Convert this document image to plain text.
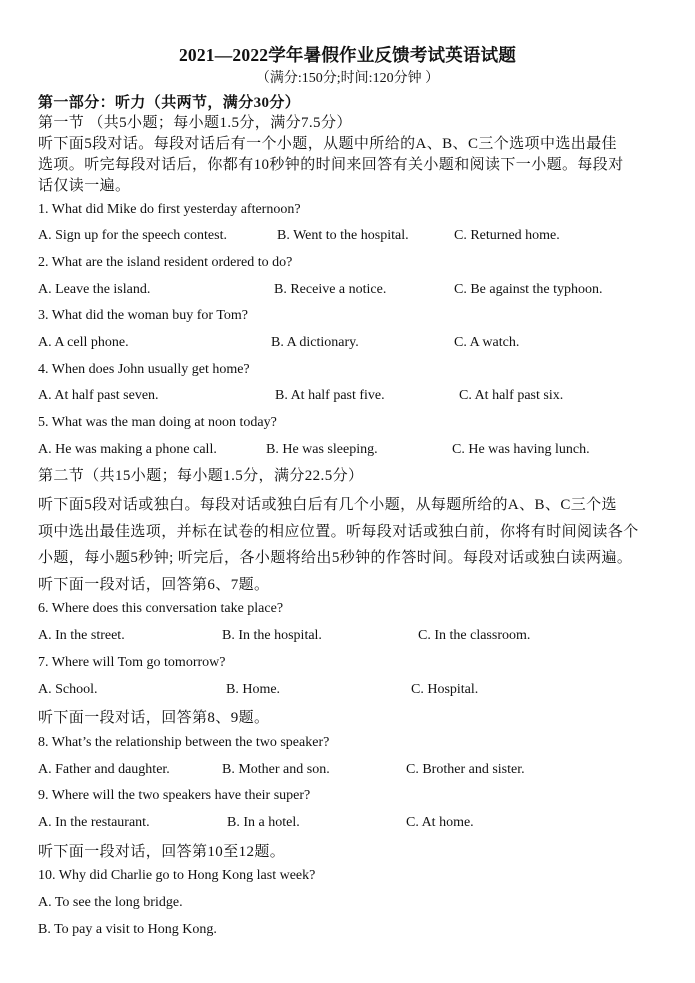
2021—2022学年暑假作业反馈考试英语试题
（满分:150分;时间:120分钟 ）
第一部分：听力（共两节，满分30分）
第一节 （共5小题；每小题1.5分，满分7.5分）
听下面5段对话。每段对话后有一个小题，从题中所给的A、B、C三个选项中选出最佳
选项。听完每段对话后，你都有10秒钟的时间来回答有关小题和阅读下一小题。每段对
话仅读一遍。
1. What did Mike do first yesterday afternoon?
A. Sign up for the speech contest.	B. Went to the hospital.	C. Returned home.
2. What are the island resident ordered to do?
A. Leave the island.	B. Receive a notice.	C. Be against the typhoon.
3. What did the woman buy for Tom?
A. A cell phone.	B. A dictionary.	C. A watch.
4. When does John usually get home?
A. At half past seven.	B. At half past five.	C. At half past six.
5. What was the man doing at noon today?
A. He was making a phone call.	B. He was sleeping.	C. He was having lunch.
第二节（共15小题；每小题1.5分，满分22.5分）
听下面5段对话或独白。每段对话或独白后有几个小题，从每题所给的A、B、C三个选
项中选出最佳选项，并标在试卷的相应位置。听每段对话或独白前，你将有时间阅读各个
小题，每小题5秒钟; 听完后，各小题将给出5秒钟的作答时间。每段对话或独白读两遍。
听下面一段对话，回答第6、7题。
6. Where does this conversation take place?
A. In the street.	B. In the hospital.	C. In the classroom.
7. Where will Tom go tomorrow?
A. School.	B. Home.	C. Hospital.
听下面一段对话，回答第8、9题。
8. What’s the relationship between the two speaker?
A. Father and daughter.	B. Mother and son.	C. Brother and sister.
9. Where will the two speakers have their super?
A. In the restaurant.	B. In a hotel.	C. At home.
听下面一段对话，回答第10至12题。
10. Why did Charlie go to Hong Kong last week?
A. To see the long bridge.
B. To pay a visit to Hong Kong.
